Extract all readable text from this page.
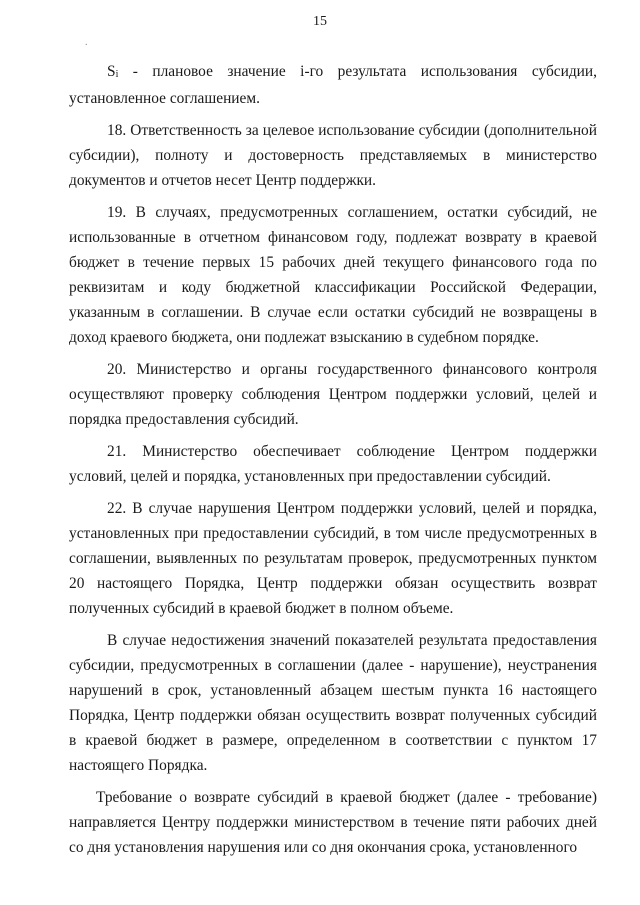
15
.

Si - плановое значение i-го результата использования субсидии, установленное соглашением.

18. Ответственность за целевое использование субсидии (дополнительной субсидии), полноту и достоверность представляемых в министерство документов и отчетов несет Центр поддержки.

19. В случаях, предусмотренных соглашением, остатки субсидий, не использованные в отчетном финансовом году, подлежат возврату в краевой бюджет в течение первых 15 рабочих дней текущего финансового года по реквизитам и коду бюджетной классификации Российской Федерации, указанным в соглашении. В случае если остатки субсидий не возвращены в доход краевого бюджета, они подлежат взысканию в судебном порядке.

20. Министерство и органы государственного финансового контроля осуществляют проверку соблюдения Центром поддержки условий, целей и порядка предоставления субсидий.

21. Министерство обеспечивает соблюдение Центром поддержки условий, целей и порядка, установленных при предоставлении субсидий.

22. В случае нарушения Центром поддержки условий, целей и порядка, установленных при предоставлении субсидий, в том числе предусмотренных в соглашении, выявленных по результатам проверок, предусмотренных пунктом 20 настоящего Порядка, Центр поддержки обязан осуществить возврат полученных субсидий в краевой бюджет в полном объеме.

В случае недостижения значений показателей результата предоставления субсидии, предусмотренных в соглашении (далее - нарушение), неустранения нарушений в срок, установленный абзацем шестым пункта 16 настоящего Порядка, Центр поддержки обязан осуществить возврат полученных субсидий в краевой бюджет в размере, определенном в соответствии с пунктом 17 настоящего Порядка.

Требование о возврате субсидий в краевой бюджет (далее - требование) направляется Центру поддержки министерством в течение пяти рабочих дней со дня установления нарушения или со дня окончания срока, установленного
